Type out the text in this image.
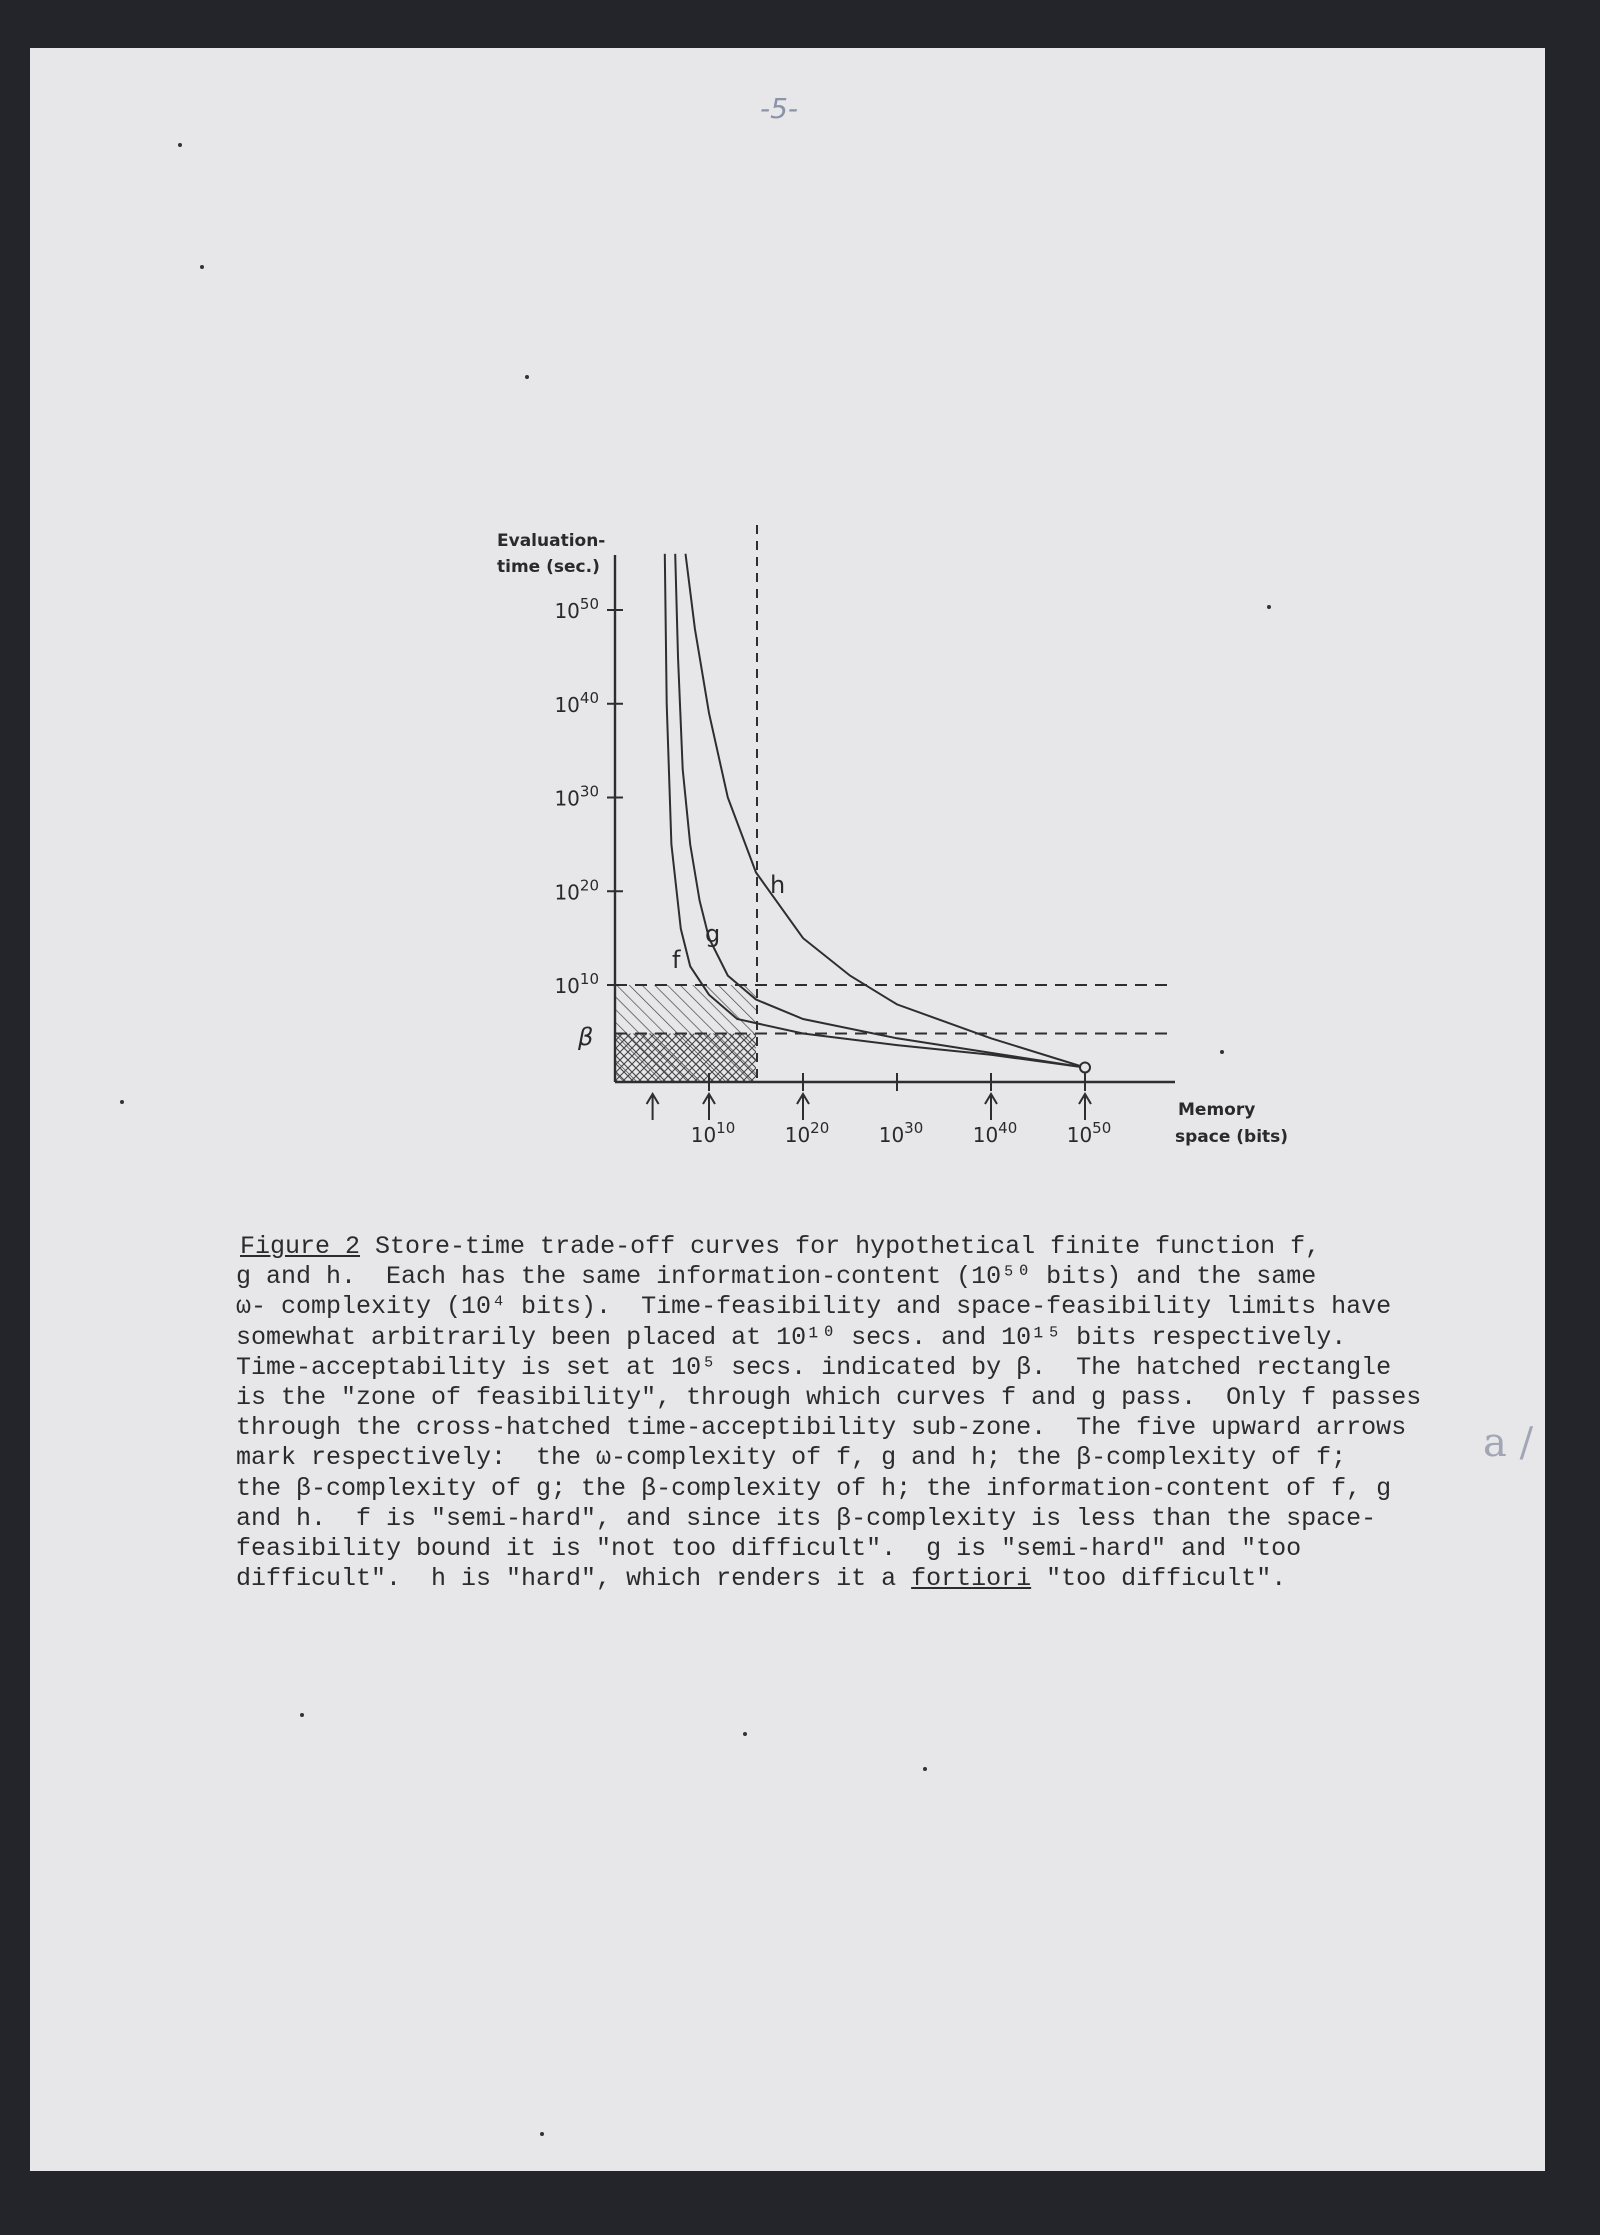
-5-
$10^{50}$
$10^{40}$
$10^{30}$
$10^{20}$
$10^{10}$
$10^{10}$ $10^{20}$ $10^{30}$ $10^{40}$ $10^{50}$
f
g
h
β
Evaluation-
time (sec.)
Memory
space (bits)
Figure 2 Store-time trade-off curves for hypothetical finite function f,
g and h.  Each has the same information-content (10⁵⁰ bits) and the same
ω- complexity (10⁴ bits).  Time-feasibility and space-feasibility limits have
somewhat arbitrarily been placed at 10¹⁰ secs. and 10¹⁵ bits respectively.
Time-acceptability is set at 10⁵ secs. indicated by β.  The hatched rectangle
is the "zone of feasibility", through which curves f and g pass.  Only f passes
through the cross-hatched time-acceptibility sub-zone.  The five upward arrows
mark respectively:  the ω-complexity of f, g and h; the β-complexity of f;
the β-complexity of g; the β-complexity of h; the information-content of f, g
and h.  f is "semi-hard", and since its β-complexity is less than the space-
feasibility bound it is "not too difficult".  g is "semi-hard" and "too
difficult".  h is "hard", which renders it a fortiori "too difficult".
a /
